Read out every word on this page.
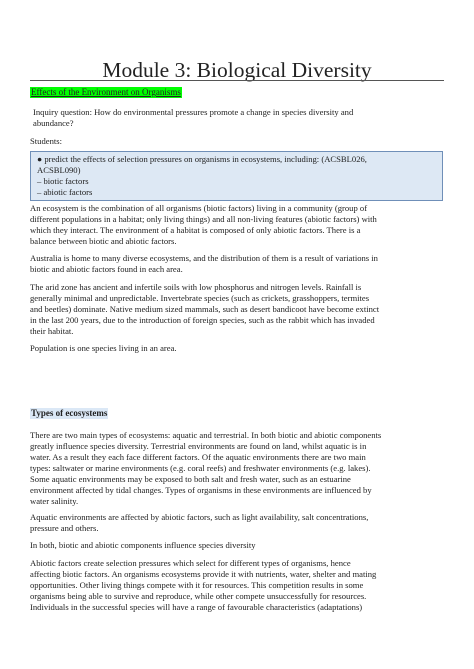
Module 3: Biological Diversity
Effects of the Environment on Organisms
Inquiry question: How do environmental pressures promote a change in species diversity and
abundance?
Students:
● predict the effects of selection pressures on organisms in ecosystems, including: (ACSBL026,
ACSBL090)
– biotic factors
– abiotic factors
An ecosystem is the combination of all organisms (biotic factors) living in a community (group of
different populations in a habitat; only living things) and all non-living features (abiotic factors) with
which they interact. The environment of a habitat is composed of only abiotic factors. There is a
balance between biotic and abiotic factors.
Australia is home to many diverse ecosystems, and the distribution of them is a result of variations in
biotic and abiotic factors found in each area.
The arid zone has ancient and infertile soils with low phosphorus and nitrogen levels. Rainfall is
generally minimal and unpredictable. Invertebrate species (such as crickets, grasshoppers, termites
and beetles) dominate. Native medium sized mammals, such as desert bandicoot have become extinct
in the last 200 years, due to the introduction of foreign species, such as the rabbit which has invaded
their habitat.
Population is one species living in an area.
Types of ecosystems
There are two main types of ecosystems: aquatic and terrestrial. In both biotic and abiotic components
greatly influence species diversity. Terrestrial environments are found on land, whilst aquatic is in
water. As a result they each face different factors. Of the aquatic environments there are two main
types: saltwater or marine environments (e.g. coral reefs) and freshwater environments (e.g. lakes).
Some aquatic environments may be exposed to both salt and fresh water, such as an estuarine
environment affected by tidal changes. Types of organisms in these environments are influenced by
water salinity.
Aquatic environments are affected by abiotic factors, such as light availability, salt concentrations,
pressure and others.
In both, biotic and abiotic components influence species diversity
Abiotic factors create selection pressures which select for different types of organisms, hence
affecting biotic factors. An organisms ecosystems provide it with nutrients, water, shelter and mating
opportunities. Other living things compete with it for resources. This competition results in some
organisms being able to survive and reproduce, while other compete unsuccessfully for resources.
Individuals in the successful species will have a range of favourable characteristics (adaptations)
